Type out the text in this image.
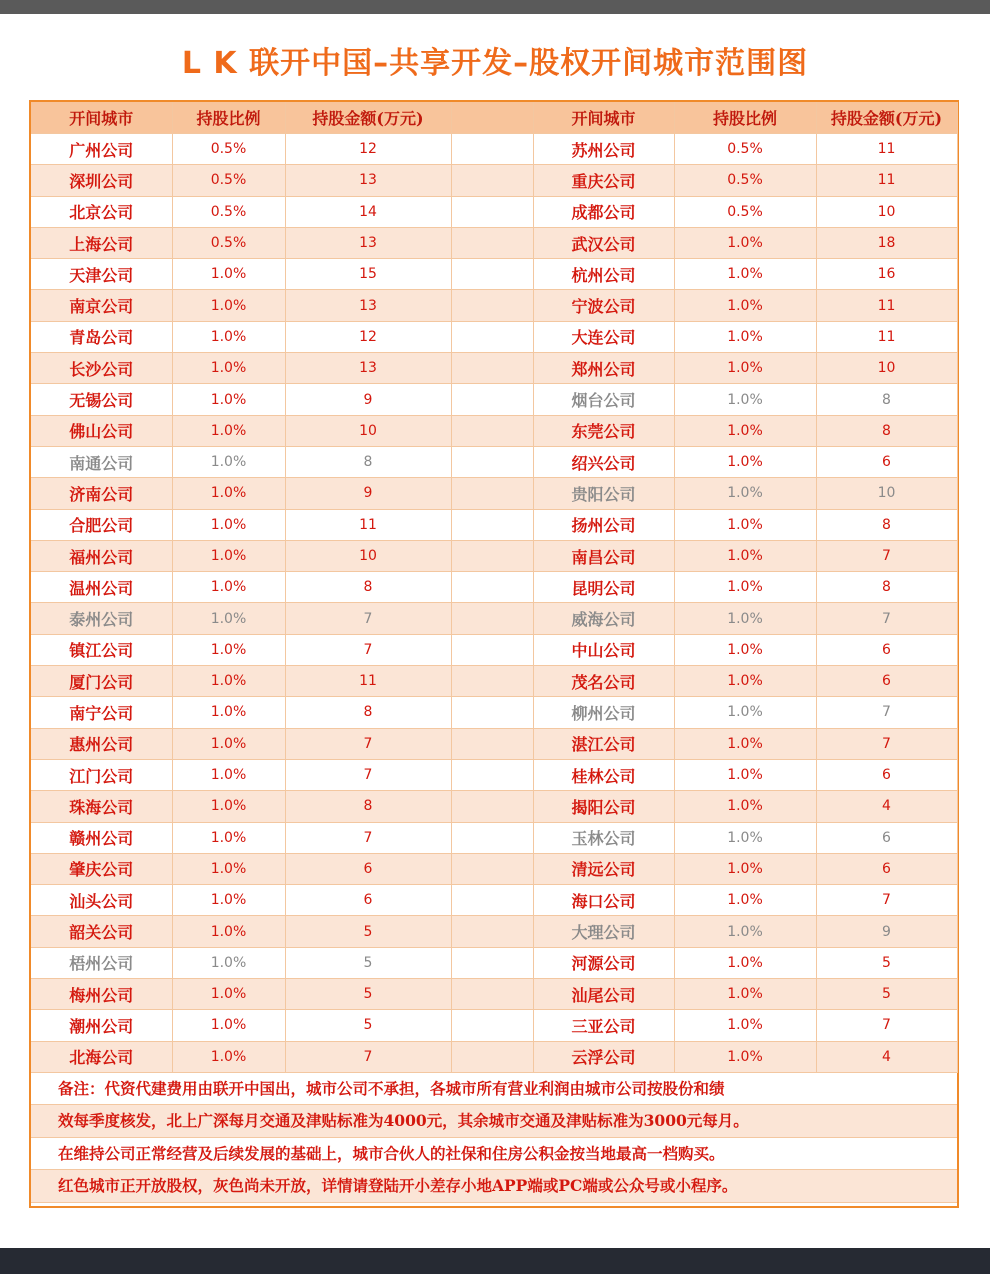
L K 联开中国–共享开发–股权开间城市范围图
开间城市	持股比例	持股金额(万元)		开间城市	持股比例	持股金额(万元)
广州公司	0.5%	12		苏州公司	0.5%	11
深圳公司	0.5%	13		重庆公司	0.5%	11
北京公司	0.5%	14		成都公司	0.5%	10
上海公司	0.5%	13		武汉公司	1.0%	18
天津公司	1.0%	15		杭州公司	1.0%	16
南京公司	1.0%	13		宁波公司	1.0%	11
青岛公司	1.0%	12		大连公司	1.0%	11
长沙公司	1.0%	13		郑州公司	1.0%	10
无锡公司	1.0%	9		烟台公司	1.0%	8
佛山公司	1.0%	10		东莞公司	1.0%	8
南通公司	1.0%	8		绍兴公司	1.0%	6
济南公司	1.0%	9		贵阳公司	1.0%	10
合肥公司	1.0%	11		扬州公司	1.0%	8
福州公司	1.0%	10		南昌公司	1.0%	7
温州公司	1.0%	8		昆明公司	1.0%	8
泰州公司	1.0%	7		威海公司	1.0%	7
镇江公司	1.0%	7		中山公司	1.0%	6
厦门公司	1.0%	11		茂名公司	1.0%	6
南宁公司	1.0%	8		柳州公司	1.0%	7
惠州公司	1.0%	7		湛江公司	1.0%	7
江门公司	1.0%	7		桂林公司	1.0%	6
珠海公司	1.0%	8		揭阳公司	1.0%	4
赣州公司	1.0%	7		玉林公司	1.0%	6
肇庆公司	1.0%	6		清远公司	1.0%	6
汕头公司	1.0%	6		海口公司	1.0%	7
韶关公司	1.0%	5		大理公司	1.0%	9
梧州公司	1.0%	5		河源公司	1.0%	5
梅州公司	1.0%	5		汕尾公司	1.0%	5
潮州公司	1.0%	5		三亚公司	1.0%	7
北海公司	1.0%	7		云浮公司	1.0%	4
备注：代资代建费用由联开中国出，城市公司不承担，各城市所有营业利润由城市公司按股份和绩
效每季度核发，北上广深每月交通及津贴标准为4000元，其余城市交通及津贴标准为3000元每月。
在维持公司正常经营及后续发展的基础上，城市合伙人的社保和住房公积金按当地最高一档购买。
红色城市正开放股权，灰色尚未开放，详情请登陆开小差存小地APP端或PC端或公众号或小程序。
